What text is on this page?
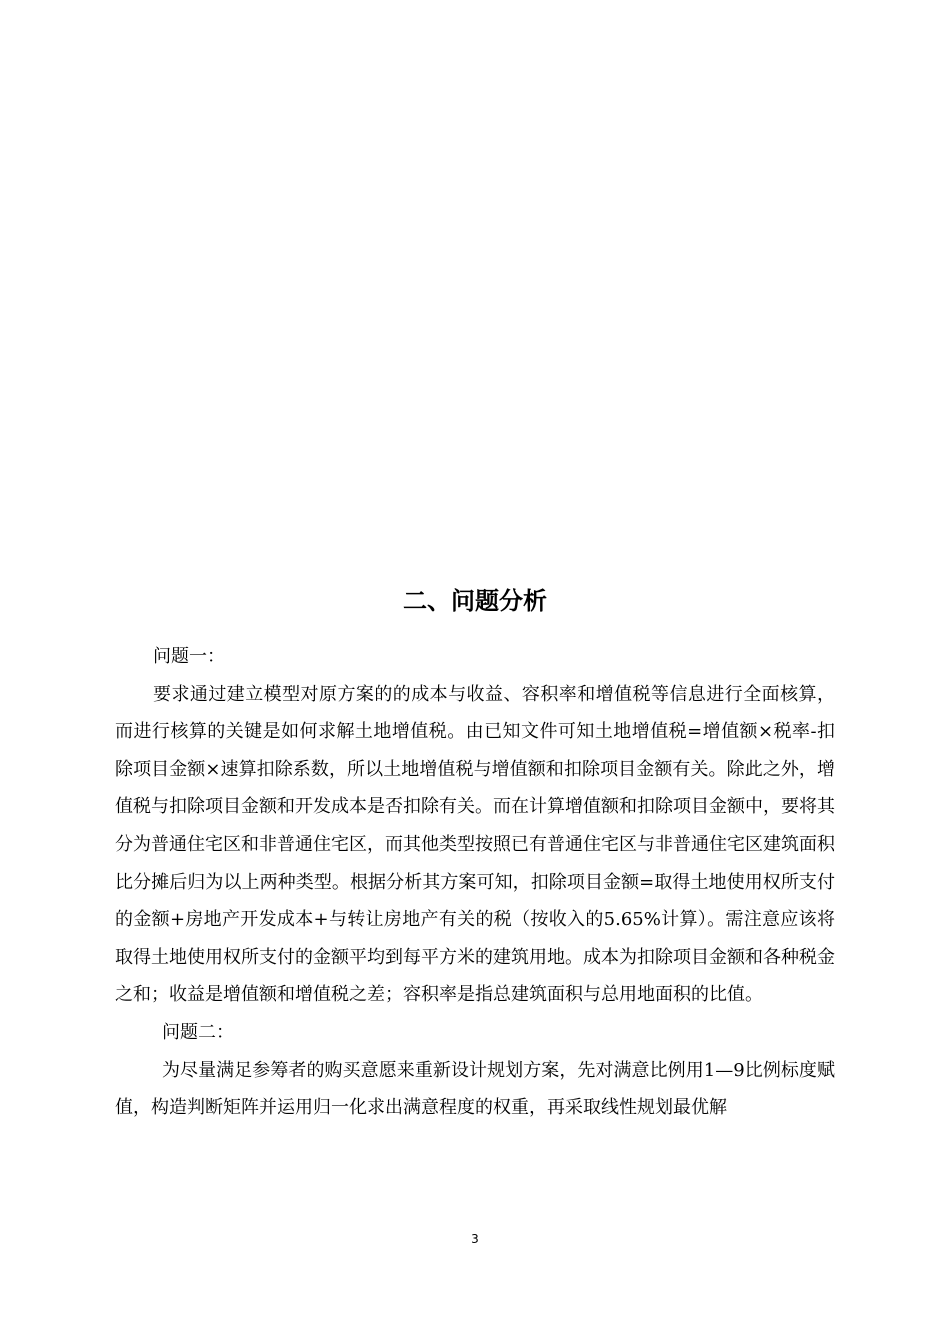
二、问题分析

问题一：

要求通过建立模型对原方案的的成本与收益、容积率和增值税等信息进行全面核算，而进行核算的关键是如何求解土地增值税。由已知文件可知土地增值税=增值额×税率-扣除项目金额×速算扣除系数，所以土地增值税与增值额和扣除项目金额有关。除此之外，增值税与扣除项目金额和开发成本是否扣除有关。而在计算增值额和扣除项目金额中，要将其分为普通住宅区和非普通住宅区，而其他类型按照已有普通住宅区与非普通住宅区建筑面积比分摊后归为以上两种类型。根据分析其方案可知，扣除项目金额=取得土地使用权所支付的金额+房地产开发成本+与转让房地产有关的税（按收入的5.65%计算）。需注意应该将取得土地使用权所支付的金额平均到每平方米的建筑用地。成本为扣除项目金额和各种税金之和；收益是增值额和增值税之差；容积率是指总建筑面积与总用地面积的比值。

问题二：

为尽量满足参筹者的购买意愿来重新设计规划方案，先对满意比例用1—9比例标度赋值，构造判断矩阵并运用归一化求出满意程度的权重，再采取线性规划最优解

3
